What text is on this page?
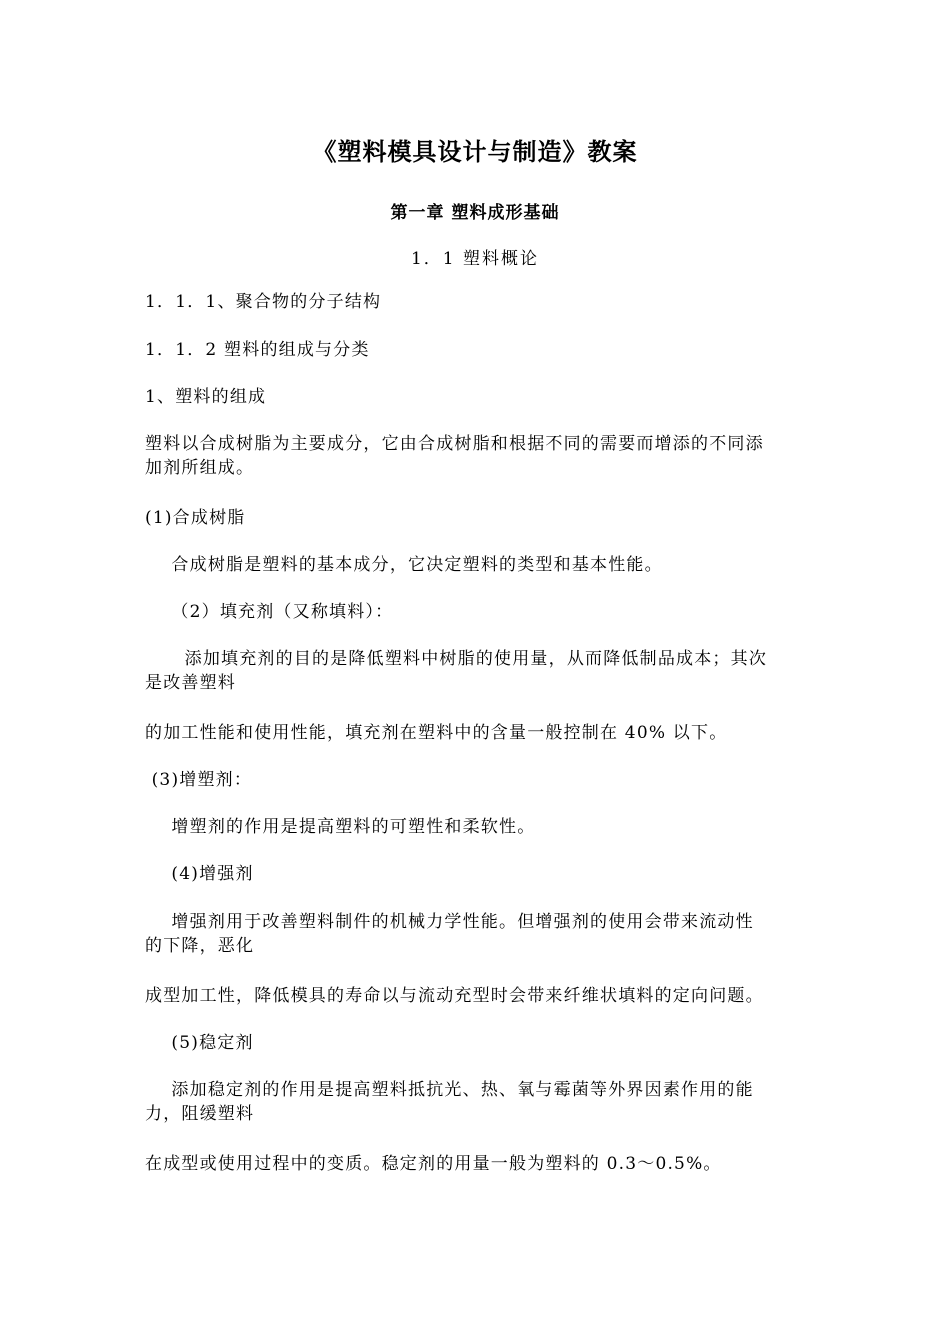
《塑料模具设计与制造》教案
第一章 塑料成形基础
1．1 塑料概论
1．1．1、聚合物的分子结构
1．1．2 塑料的组成与分类
1、塑料的组成
塑料以合成树脂为主要成分，它由合成树脂和根据不同的需要而增添的不同添
加剂所组成。
(1)合成树脂
合成树脂是塑料的基本成分，它决定塑料的类型和基本性能。
（2）填充剂（又称填料）：
添加填充剂的目的是降低塑料中树脂的使用量，从而降低制品成本；其次
是改善塑料
的加工性能和使用性能，填充剂在塑料中的含量一般控制在 40% 以下。
(3)增塑剂：
增塑剂的作用是提高塑料的可塑性和柔软性。
(4)增强剂
增强剂用于改善塑料制件的机械力学性能。但增强剂的使用会带来流动性
的下降，恶化
成型加工性，降低模具的寿命以与流动充型时会带来纤维状填料的定向问题。
(5)稳定剂
添加稳定剂的作用是提高塑料抵抗光、热、氧与霉菌等外界因素作用的能
力，阻缓塑料
在成型或使用过程中的变质。稳定剂的用量一般为塑料的 0.3～0.5%。
